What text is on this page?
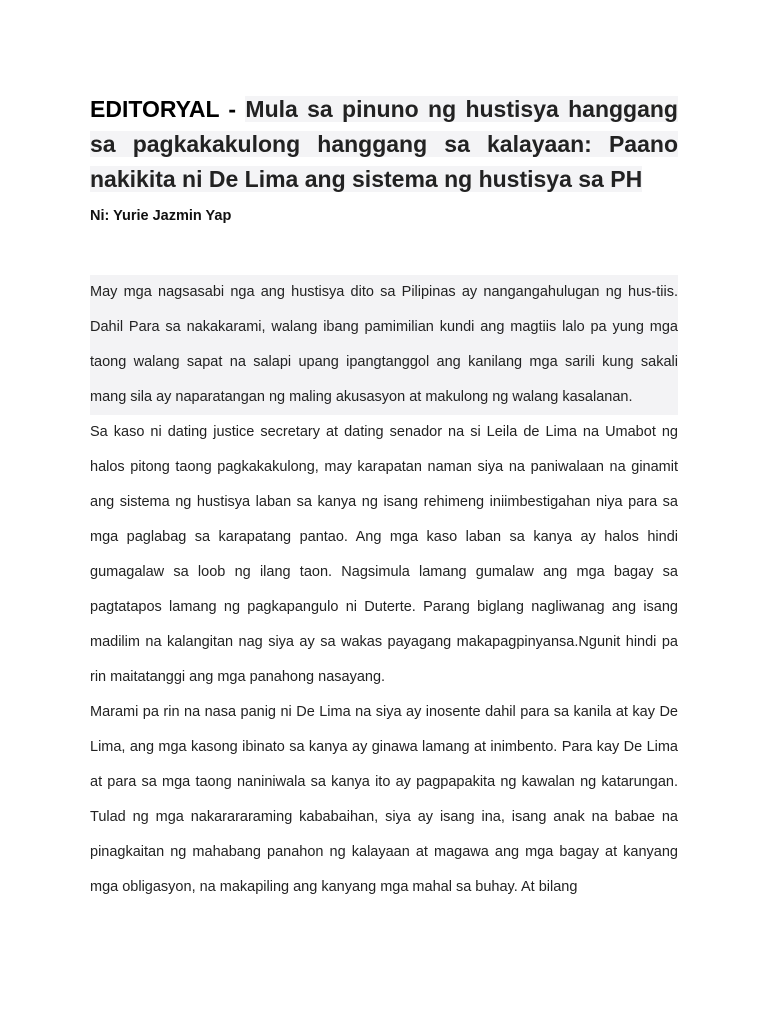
EDITORYAL - Mula sa pinuno ng hustisya hanggang sa pagkakakulong hanggang sa kalayaan: Paano nakikita ni De Lima ang sistema ng hustisya sa PH

Ni: Yurie Jazmin Yap

May mga nagsasabi nga ang hustisya dito sa Pilipinas ay nangangahulugan ng hus-tiis. Dahil Para sa nakakarami, walang ibang pamimilian kundi ang magtiis lalo pa yung mga taong walang sapat na salapi upang ipangtanggol ang kanilang mga sarili kung sakali mang sila ay naparatangan ng maling akusasyon at makulong ng walang kasalanan.

Sa kaso ni dating justice secretary at dating senador na si Leila de Lima na Umabot ng halos pitong taong pagkakakulong, may karapatan naman siya na paniwalaan na ginamit ang sistema ng hustisya laban sa kanya ng isang rehimeng iniimbestigahan niya para sa mga paglabag sa karapatang pantao. Ang mga kaso laban sa kanya ay halos hindi gumagalaw sa loob ng ilang taon. Nagsimula lamang gumalaw ang mga bagay sa pagtatapos lamang ng pagkapangulo ni Duterte. Parang biglang nagliwanag ang isang madilim na kalangitan nag siya ay sa wakas payagang makapagpinyansa.Ngunit hindi pa rin maitatanggi ang mga panahong nasayang.

Marami pa rin na nasa panig ni De Lima na siya ay inosente dahil para sa kanila at kay De Lima, ang mga kasong ibinato sa kanya ay ginawa lamang at inimbento. Para kay De Lima at para sa mga taong naniniwala sa kanya ito ay pagpapakita ng kawalan ng katarungan. Tulad ng mga nakarararaming kababaihan, siya ay isang ina, isang anak na babae na pinagkaitan ng mahabang panahon ng kalayaan at magawa ang mga bagay at kanyang mga obligasyon, na makapiling ang kanyang mga mahal sa buhay. At bilang
